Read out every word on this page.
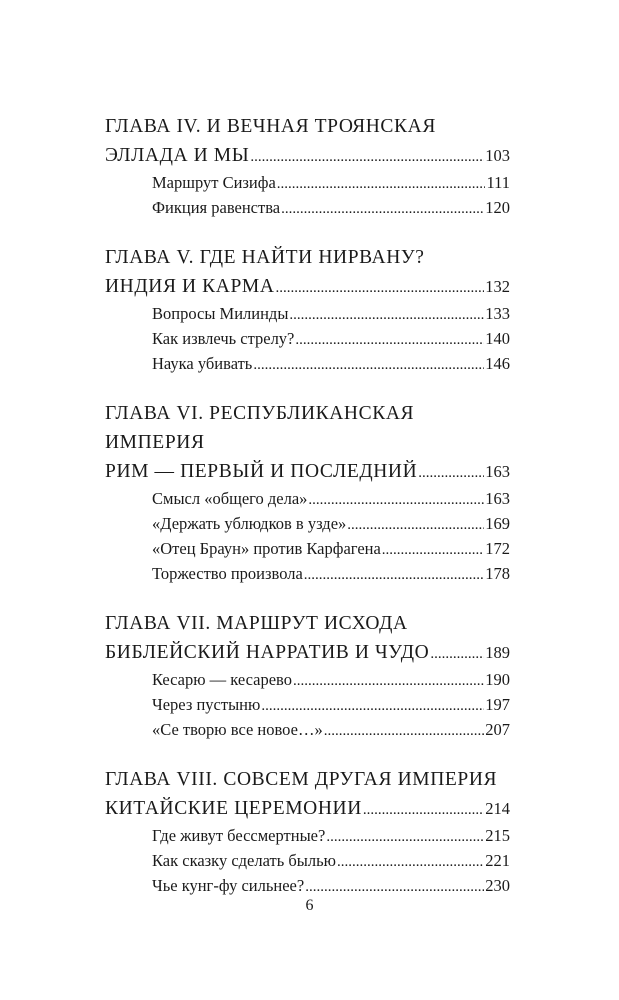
ГЛАВА IV. И ВЕЧНАЯ ТРОЯНСКАЯ
ЭЛЛАДА И МЫ .....	103
Маршрут Сизифа .....	111
Фикция равенства .....	120
ГЛАВА V. ГДЕ НАЙТИ НИРВАНУ?
ИНДИЯ И КАРМА .....	132
Вопросы Милинды .....	133
Как извлечь стрелу? .....	140
Наука убивать .....	146
ГЛАВА VI. РЕСПУБЛИКАНСКАЯ
ИМПЕРИЯ
РИМ — ПЕРВЫЙ И ПОСЛЕДНИЙ .....	163
Смысл «общего дела» .....	163
«Держать ублюдков в узде» .....	169
«Отец Браун» против Карфагена .....	172
Торжество произвола .....	178
ГЛАВА VII. МАРШРУТ ИСХОДА
БИБЛЕЙСКИЙ НАРРАТИВ И ЧУДО .....	189
Кесарю — кесарево .....	190
Через пустыню .....	197
«Се творю все новое…» .....	207
ГЛАВА VIII. СОВСЕМ ДРУГАЯ ИМПЕРИЯ
КИТАЙСКИЕ ЦЕРЕМОНИИ .....	214
Где живут бессмертные? .....	215
Как сказку сделать былью .....	221
Чье кунг-фу сильнее? .....	230
6
